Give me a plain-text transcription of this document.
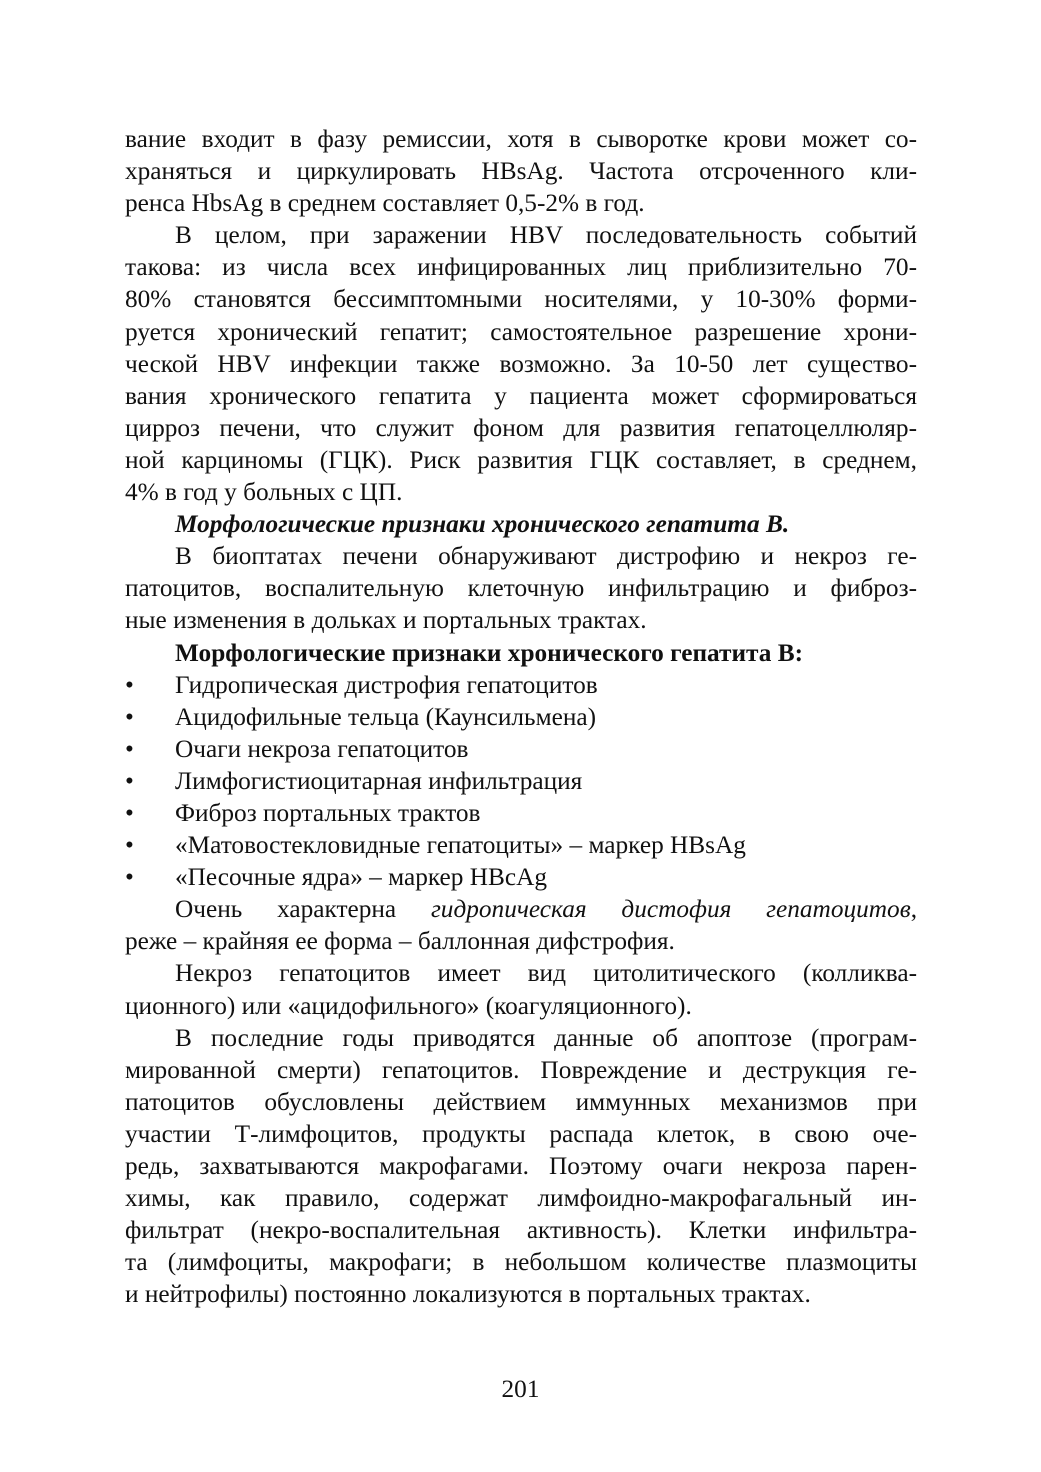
вание входит в фазу ремиссии, хотя в сыворотке крови может со-
храняться и циркулировать HBsAg. Частота отсроченного кли-
ренса HbsAg в среднем составляет 0,5-2% в год.
В целом, при заражении HBV последовательность событий
такова: из числа всех инфицированных лиц приблизительно 70-
80% становятся бессимптомными носителями, у 10-30% форми-
руется хронический гепатит; самостоятельное разрешение хрони-
ческой HBV инфекции также возможно. За 10-50 лет существо-
вания хронического гепатита у пациента может сформироваться
цирроз печени, что служит фоном для развития гепатоцеллюляр-
ной карциномы (ГЦК). Риск развития ГЦК составляет, в среднем,
4% в год у больных с ЦП.
Морфологические признаки хронического гепатита В.
В биоптатах печени обнаруживают дистрофию и некроз ге-
патоцитов, воспалительную клеточную инфильтрацию и фиброз-
ные изменения в дольках и портальных трактах.
Морфологические признаки хронического гепатита В:
• Гидропическая дистрофия гепатоцитов
• Ацидофильные тельца (Каунсильмена)
• Очаги некроза гепатоцитов
• Лимфогистиоцитарная инфильтрация
• Фиброз портальных трактов
• «Матовостекловидные гепатоциты» – маркер HBsAg
• «Песочные ядра» – маркер HBcAg
Очень характерна гидропическая дистофия гепатоцитов,
реже – крайняя ее форма – баллонная дифстрофия.
Некроз гепатоцитов имеет вид цитолитического (колликва-
ционного) или «ацидофильного» (коагуляционного).
В последние годы приводятся данные об апоптозе (програм-
мированной смерти) гепатоцитов. Повреждение и деструкция ге-
патоцитов обусловлены действием иммунных механизмов при
участии Т-лимфоцитов, продукты распада клеток, в свою оче-
редь, захватываются макрофагами. Поэтому очаги некроза парен-
химы, как правило, содержат лимфоидно-макрофагальный ин-
фильтрат (некро-воспалительная активность). Клетки инфильтра-
та (лимфоциты, макрофаги; в небольшом количестве плазмоциты
и нейтрофилы) постоянно локализуются в портальных трактах.
201
